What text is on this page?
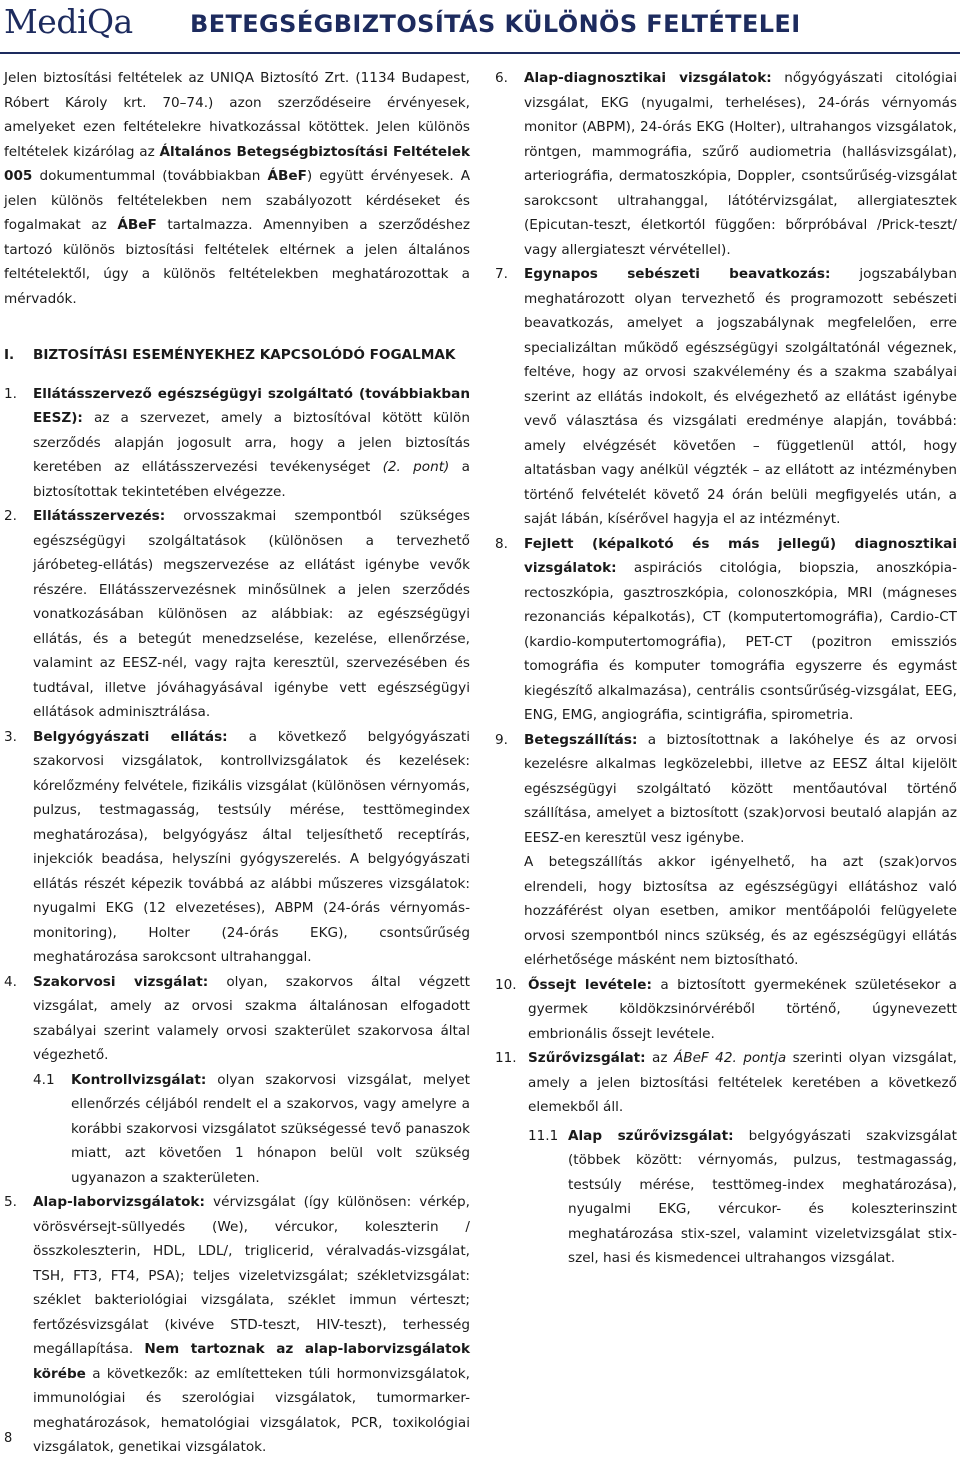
MediQa BETEGSÉGBIZTOSÍTÁS KÜLÖNÖS FELTÉTELEI

Jelen biztosítási feltételek az UNIQA Biztosító Zrt. (1134 Budapest, Róbert Károly krt. 70–74.) azon szerződéseire érvényesek, amelyeket ezen feltételekre hivatkozással kötöttek. Jelen különös feltételek kizárólag az Általános Betegségbiztosítási Feltételek 005 dokumentummal (továbbiakban ÁBeF) együtt érvényesek. A jelen különös feltételekben nem szabályozott kérdéseket és fogalmakat az ÁBeF tartalmazza. Amennyiben a szerződéshez tartozó különös biztosítási feltételek eltérnek a jelen általános feltételektől, úgy a különös feltételekben meghatározottak a mérvadók.

I.	BIZTOSÍTÁSI ESEMÉNYEKHEZ KAPCSOLÓDÓ FOGALMAK
1.	Ellátásszervező egészségügyi szolgáltató (továbbiakban EESZ): az a szervezet, amely a biztosítóval kötött külön szerződés alapján jogosult arra, hogy a jelen biztosítás keretében az ellátásszervezési tevékenységet (2. pont) a biztosítottak tekintetében elvégezze.

2.	Ellátásszervezés: orvosszakmai szempontból szükséges egészségügyi szolgáltatások (különösen a tervezhető járóbeteg-ellátás) megszervezése az ellátást igénybe vevők részére. Ellátásszervezésnek minősülnek a jelen szerződés vonatkozásában különösen az alábbiak: az egészségügyi ellátás, és a betegút menedzselése, kezelése, ellenőrzése, valamint az EESZ-nél, vagy rajta keresztül, szervezésében és tudtával, illetve jóváhagyásával igénybe vett egészségügyi ellátások adminisztrálása.

3.	Belgyógyászati ellátás: a következő belgyógyászati szakorvosi vizsgálatok, kontrollvizsgálatok és kezelések: kórelőzmény felvétele, fizikális vizsgálat (különösen vérnyomás, pulzus, testmagasság, testsúly mérése, testtömegindex meghatározása), belgyógyász által teljesíthető receptírás, injekciók beadása, helyszíni gyógyszerelés. A belgyógyászati ellátás részét képezik továbbá az alábbi műszeres vizsgálatok: nyugalmi EKG (12 elvezetéses), ABPM (24-órás vérnyomás-monitoring), Holter (24-órás EKG), csontsűrűség meghatározása sarokcsont ultrahanggal.

4.	Szakorvosi vizsgálat: olyan, szakorvos által végzett vizsgálat, amely az orvosi szakma általánosan elfogadott szabályai szerint valamely orvosi szakterület szakorvosa által végezhető.

4.1	Kontrollvizsgálat: olyan szakorvosi vizsgálat, melyet ellenőrzés céljából rendelt el a szakorvos, vagy amelyre a korábbi szakorvosi vizsgálatot szükségessé tevő panaszok miatt, azt követően 1 hónapon belül volt szükség ugyanazon a szakterületen.

5.	Alap-laborvizsgálatok: vérvizsgálat (így különösen: vérkép, vörösvérsejt-süllyedés (We), vércukor, koleszterin /összkoleszterin, HDL, LDL/, triglicerid, véralvadás-vizsgálat, TSH, FT3, FT4, PSA); teljes vizeletvizsgálat; székletvizsgálat: széklet bakteriológiai vizsgálata, széklet immun vérteszt; fertőzésvizsgálat (kivéve STD-teszt, HIV-teszt), terhesség megállapítása. Nem tartoznak az alap-laborvizsgálatok körébe a következők: az említetteken túli hormonvizsgálatok, immunológiai és szerológiai vizsgálatok, tumormarker-meghatározások, hematológiai vizsgálatok, PCR, toxikológiai vizsgálatok, genetikai vizsgálatok.

6.	Alap-diagnosztikai vizsgálatok: nőgyógyászati citológiai vizsgálat, EKG (nyugalmi, terheléses), 24-órás vérnyomás monitor (ABPM), 24-órás EKG (Holter), ultrahangos vizsgálatok, röntgen, mammográfia, szűrő audiometria (hallásvizsgálat), arteriográfia, dermatoszkópia, Doppler, csontsűrűség-vizsgálat sarokcsont ultrahanggal, látótérvizsgálat, allergiatesztek (Epicutan-teszt, életkortól függően: bőrpróbával /Prick-teszt/ vagy allergiateszt vérvétellel).

7.	Egynapos sebészeti beavatkozás: jogszabályban meghatározott olyan tervezhető és programozott sebészeti beavatkozás, amelyet a jogszabálynak megfelelően, erre specializáltan működő egészségügyi szolgáltatónál végeznek, feltéve, hogy az orvosi szakvélemény és a szakma szabályai szerint az ellátás indokolt, és elvégezhető az ellátást igénybe vevő választása és vizsgálati eredménye alapján, továbbá: amely elvégzését követően – függetlenül attól, hogy altatásban vagy anélkül végzték – az ellátott az intézményben történő felvételét követő 24 órán belüli megfigyelés után, a saját lábán, kísérővel hagyja el az intézményt.

8.	Fejlett (képalkotó és más jellegű) diagnosztikai vizsgálatok: aspirációs citológia, biopszia, anoszkópia-rectoszkópia, gasztroszkópia, colonoszkópia, MRI (mágneses rezonanciás képalkotás), CT (komputertomográfia), Cardio-CT (kardio-komputertomográfia), PET-CT (pozitron emissziós tomográfia és komputer tomográfia egyszerre és egymást kiegészítő alkalmazása), centrális csontsűrűség-vizsgálat, EEG, ENG, EMG, angiográfia, scintigráfia, spirometria.

9.	Betegszállítás: a biztosítottnak a lakóhelye és az orvosi kezelésre alkalmas legközelebbi, illetve az EESZ által kijelölt egészségügyi szolgáltató között mentőautóval történő szállítása, amelyet a biztosított (szak)orvosi beutaló alapján az EESZ-en keresztül vesz igénybe.

A betegszállítás akkor igényelhető, ha azt (szak)orvos elrendeli, hogy biztosítsa az egészségügyi ellátáshoz való hozzáférést olyan esetben, amikor mentőápolói felügyelete orvosi szempontból nincs szükség, és az egészségügyi ellátás elérhetősége másként nem biztosítható.

10. Őssejt levétele: a biztosított gyermekének születésekor a gyermek köldökzsinórvéréből történő, úgynevezett embrionális őssejt levétele.

11. Szűrővizsgálat: az ÁBeF 42. pontja szerinti olyan vizsgálat, amely a jelen biztosítási feltételek keretében a következő elemekből áll.

11.1 Alap szűrővizsgálat: belgyógyászati szakvizsgálat (többek között: vérnyomás, pulzus, testmagasság, testsúly mérése, testtömeg-index meghatározása), nyugalmi EKG, vércukor- és koleszterinszint meghatározása stix-szel, valamint vizeletvizsgálat stix-szel, hasi és kismedencei ultrahangos vizsgálat.

8
